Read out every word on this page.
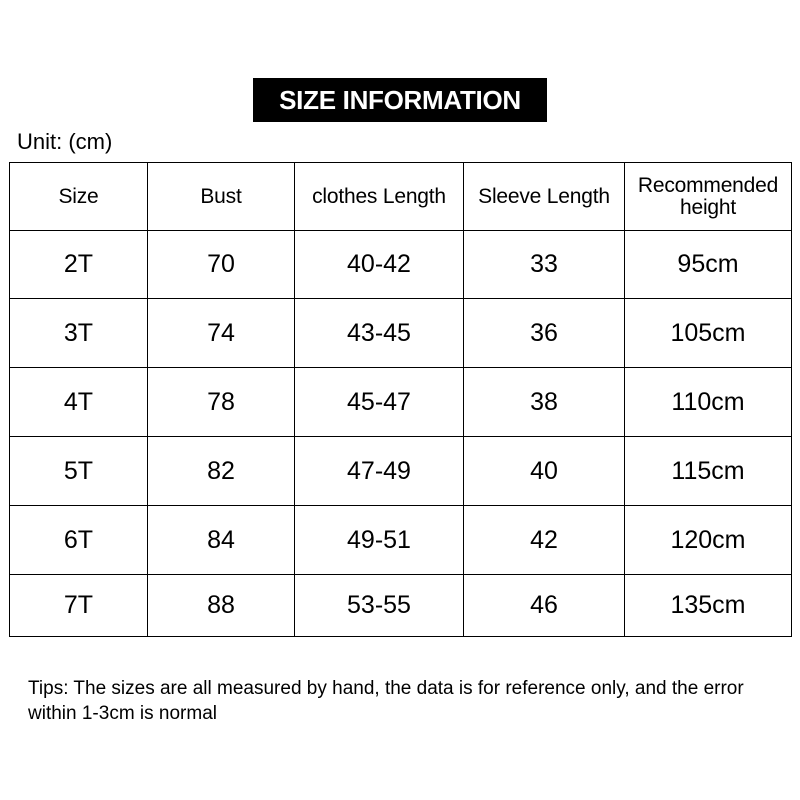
SIZE INFORMATION
Unit: (cm)
Size	Bust	clothes Length	Sleeve Length	Recommended height
2T	70	40-42	33	95cm
3T	74	43-45	36	105cm
4T	78	45-47	38	110cm
5T	82	47-49	40	115cm
6T	84	49-51	42	120cm
7T	88	53-55	46	135cm
Tips: The sizes are all measured by hand, the data is for reference only, and the error within 1-3cm is normal
